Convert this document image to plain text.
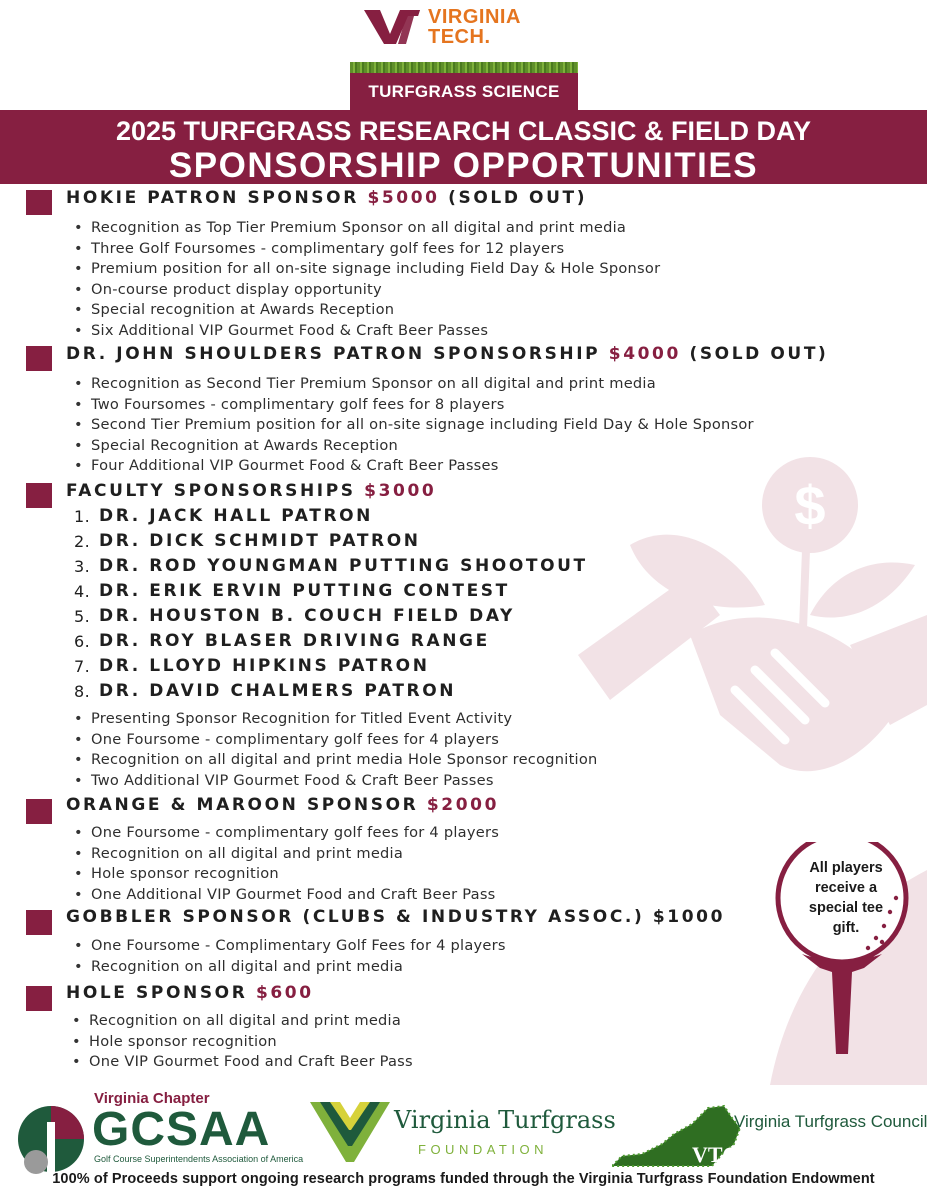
VIRGINIA
TECH.
TURFGRASS SCIENCE
2025 TURFGRASS RESEARCH CLASSIC & FIELD DAY
SPONSORSHIP OPPORTUNITIES
$
All players
receive a
special tee
gift.
HOKIE PATRON SPONSOR $5000 (SOLD OUT)
• Recognition as Top Tier Premium Sponsor on all digital and print media
• Three Golf Foursomes - complimentary golf fees for 12 players
• Premium position for all on-site signage including Field Day & Hole Sponsor
• On-course product display opportunity
• Special recognition at Awards Reception
• Six Additional VIP Gourmet Food & Craft Beer Passes
DR. JOHN SHOULDERS PATRON SPONSORSHIP $4000 (SOLD OUT)
• Recognition as Second Tier Premium Sponsor on all digital and print media
• Two Foursomes - complimentary golf fees for 8 players
• Second Tier Premium position for all on-site signage including Field Day & Hole Sponsor
• Special Recognition at Awards Reception
• Four Additional VIP Gourmet Food & Craft Beer Passes
FACULTY SPONSORSHIPS $3000
1. DR. JACK HALL PATRON
2. DR. DICK SCHMIDT PATRON
3. DR. ROD YOUNGMAN PUTTING SHOOTOUT
4. DR. ERIK ERVIN PUTTING CONTEST
5. DR. HOUSTON B. COUCH FIELD DAY
6. DR. ROY BLASER DRIVING RANGE
7. DR. LLOYD HIPKINS PATRON
8. DR. DAVID CHALMERS PATRON
• Presenting Sponsor Recognition for Titled Event Activity
• One Foursome - complimentary golf fees for 4 players
• Recognition on all digital and print media Hole Sponsor recognition
• Two Additional VIP Gourmet Food & Craft Beer Passes
ORANGE & MAROON SPONSOR $2000
• One Foursome - complimentary golf fees for 4 players
• Recognition on all digital and print media
• Hole sponsor recognition
• One Additional VIP Gourmet Food and Craft Beer Pass
GOBBLER SPONSOR (CLUBS & INDUSTRY ASSOC.) $1000
• One Foursome - Complimentary Golf Fees for 4 players
• Recognition on all digital and print media
HOLE SPONSOR $600
• Recognition on all digital and print media
• Hole sponsor recognition
• One VIP Gourmet Food and Craft Beer Pass
Virginia Chapter
GCSAA
Golf Course Superintendents Association of America
Virginia Turfgrass
FOUNDATION	VTC
Virginia Turfgrass Council
100% of Proceeds support ongoing research programs funded through the Virginia Turfgrass Foundation Endowment
